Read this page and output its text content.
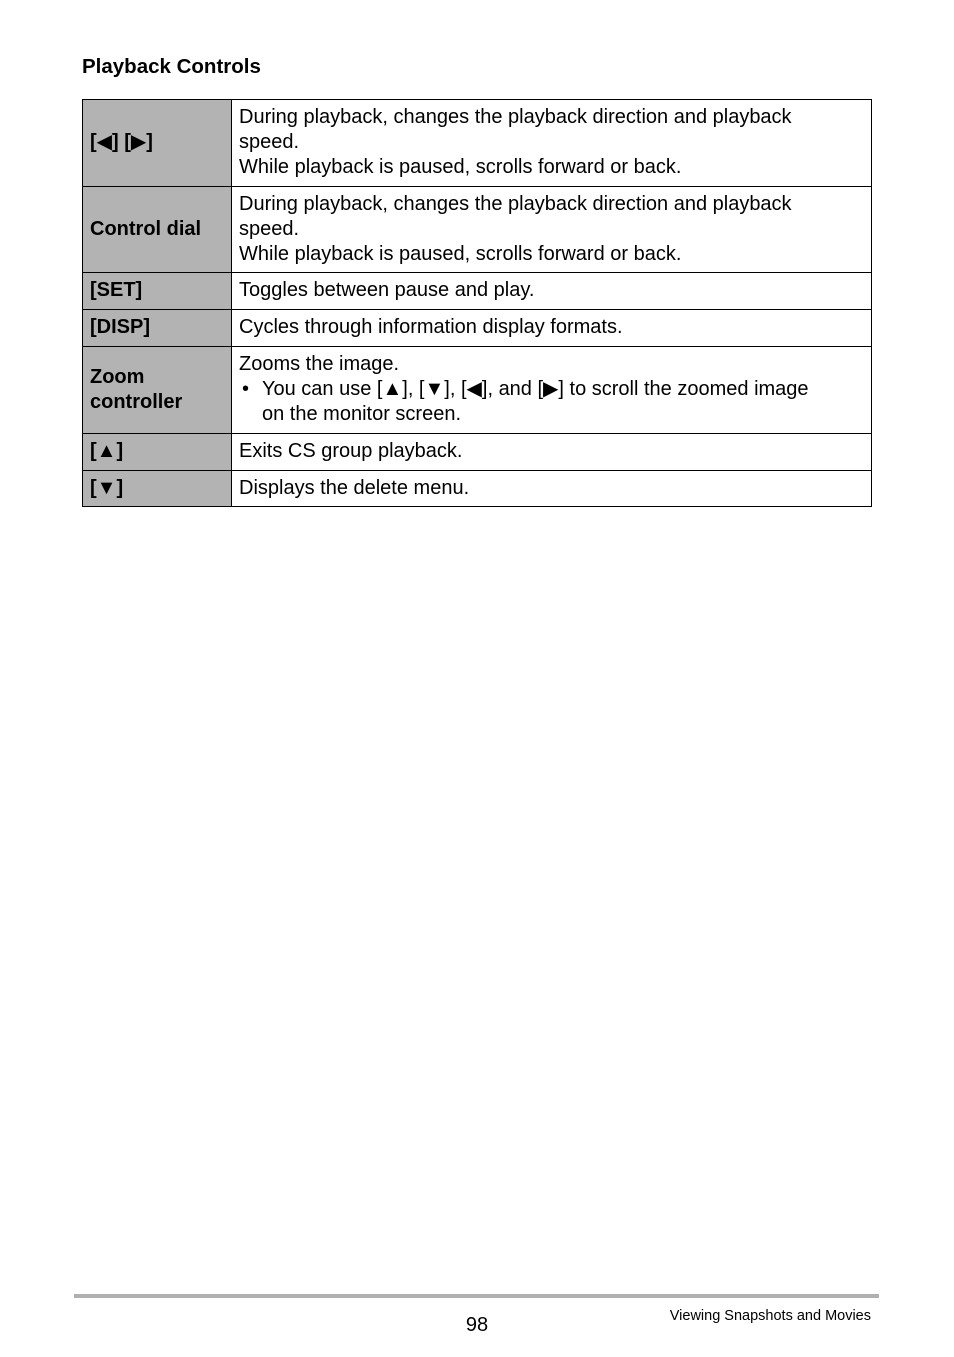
Playback Controls
[◀] [▶]	During playback, changes the playback direction and playback
speed.
While playback is paused, scrolls forward or back.

Control dial	During playback, changes the playback direction and playback
speed.
While playback is paused, scrolls forward or back.

[SET]	Toggles between pause and play.

[DISP]	Cycles through information display formats.

Zoom
controller	Zooms the image.
• You can use [▲], [▼], [◀], and [▶] to scroll the zoomed image
on the monitor screen.

[▲]	Exits CS group playback.

[▼]	Displays the delete menu.
98	Viewing Snapshots and Movies
